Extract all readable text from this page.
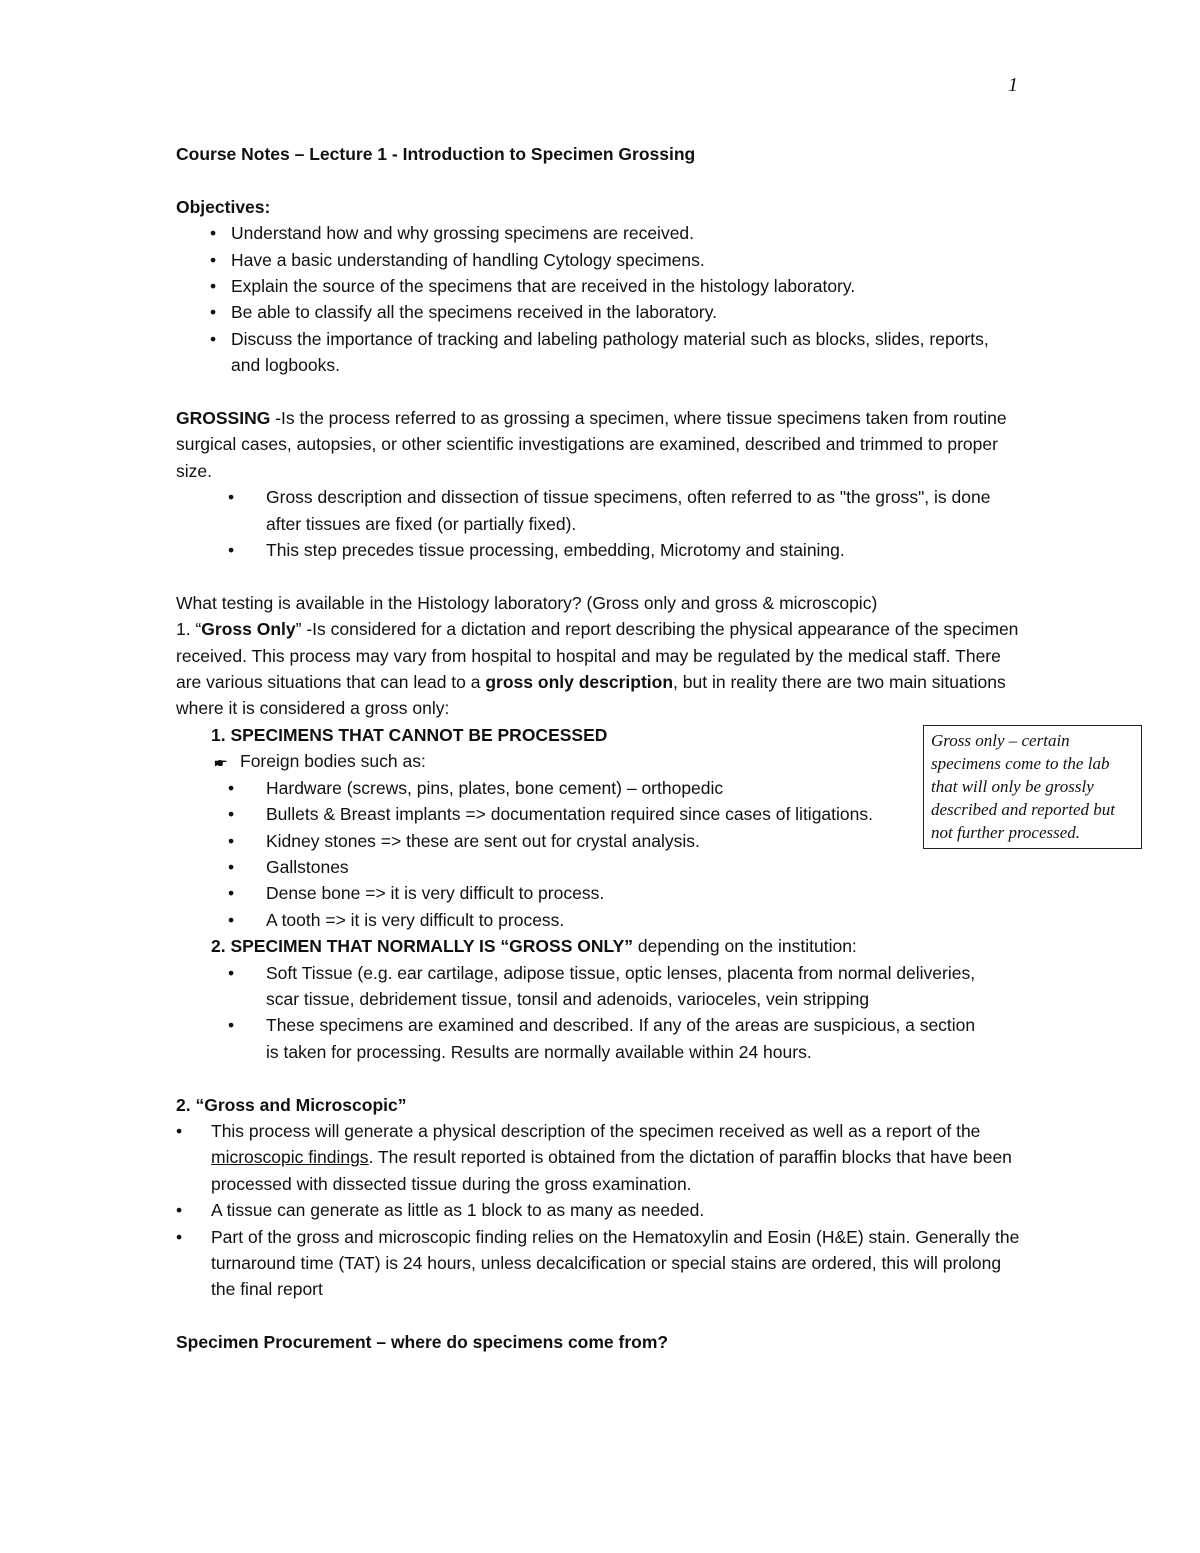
1
Course Notes – Lecture 1 - Introduction to Specimen Grossing
Objectives:
• Understand how and why grossing specimens are received.
• Have a basic understanding of handling Cytology specimens.
• Explain the source of the specimens that are received in the histology laboratory.
• Be able to classify all the specimens received in the laboratory.
• Discuss the importance of tracking and labeling pathology material such as blocks, slides, reports, and logbooks.
GROSSING -Is the process referred to as grossing a specimen, where tissue specimens taken from routine surgical cases, autopsies, or other scientific investigations are examined, described and trimmed to proper size.
• Gross description and dissection of tissue specimens, often referred to as "the gross", is done after tissues are fixed (or partially fixed).
• This step precedes tissue processing, embedding, Microtomy and staining.
What testing is available in the Histology laboratory? (Gross only and gross & microscopic)
1. “Gross Only” -Is considered for a dictation and report describing the physical appearance of the specimen received. This process may vary from hospital to hospital and may be regulated by the medical staff. There are various situations that can lead to a gross only description, but in reality there are two main situations where it is considered a gross only:
1. SPECIMENS THAT CANNOT BE PROCESSED
🖝 Foreign bodies such as:
• Hardware (screws, pins, plates, bone cement) – orthopedic
• Bullets & Breast implants => documentation required since cases of litigations.
• Kidney stones => these are sent out for crystal analysis.
• Gallstones
• Dense bone => it is very difficult to process.
• A tooth => it is very difficult to process.
2. SPECIMEN THAT NORMALLY IS “GROSS ONLY” depending on the institution:
• Soft Tissue (e.g. ear cartilage, adipose tissue, optic lenses, placenta from normal deliveries, scar tissue, debridement tissue, tonsil and adenoids, varioceles, vein stripping
• These specimens are examined and described. If any of the areas are suspicious, a section is taken for processing. Results are normally available within 24 hours.
2. “Gross and Microscopic”
• This process will generate a physical description of the specimen received as well as a report of the microscopic findings. The result reported is obtained from the dictation of paraffin blocks that have been processed with dissected tissue during the gross examination.
• A tissue can generate as little as 1 block to as many as needed.
• Part of the gross and microscopic finding relies on the Hematoxylin and Eosin (H&E) stain. Generally the turnaround time (TAT) is 24 hours, unless decalcification or special stains are ordered, this will prolong the final report
Specimen Procurement – where do specimens come from?
Gross only – certain specimens come to the lab that will only be grossly described and reported but not further processed.
